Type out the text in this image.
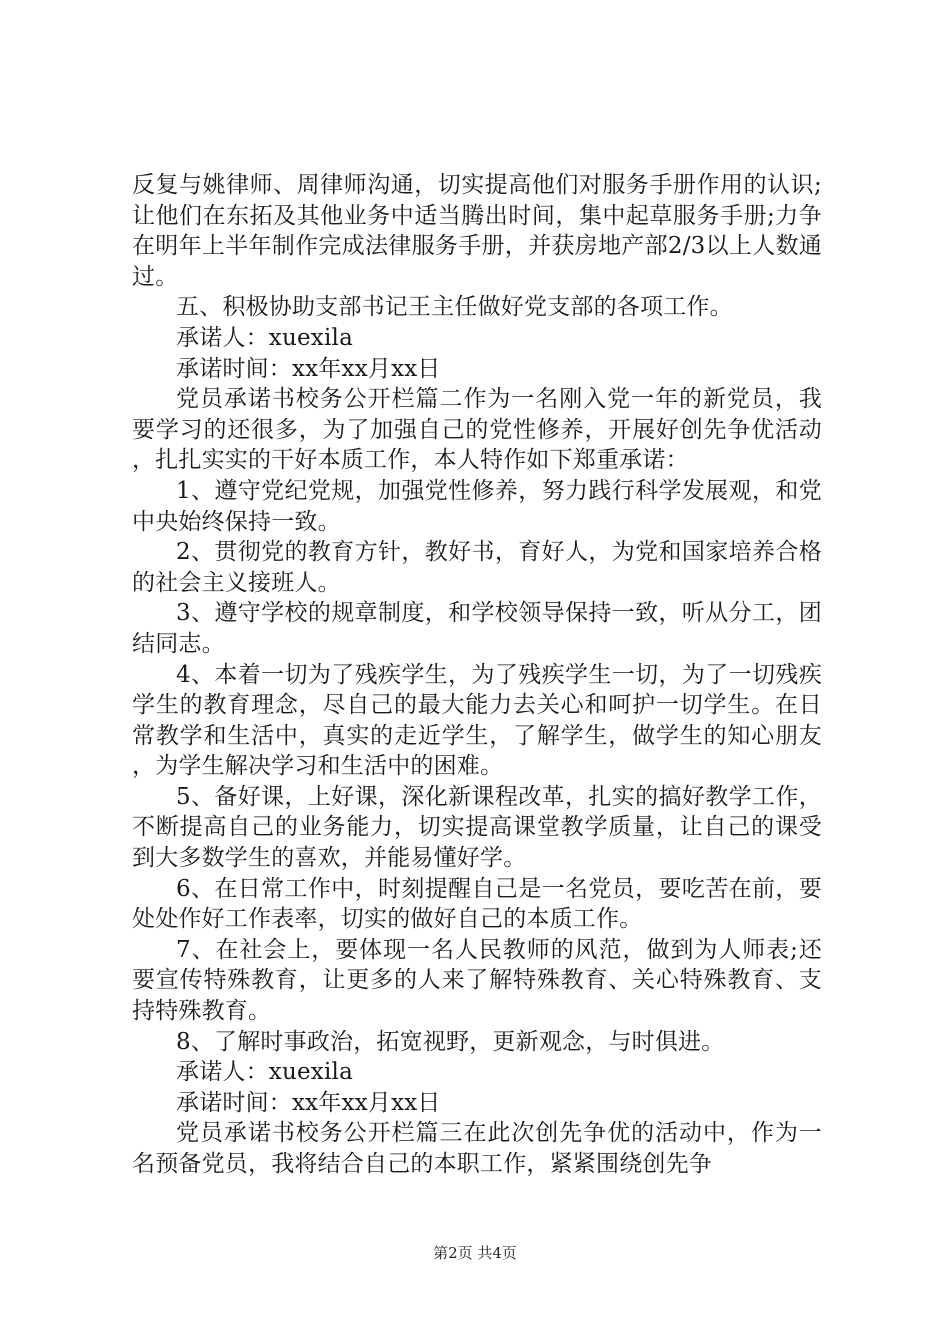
反复与姚律师、周律师沟通，切实提高他们对服务手册作用的认识;让他们在东拓及其他业务中适当腾出时间，集中起草服务手册;力争在明年上半年制作完成法律服务手册，并获房地产部2/3以上人数通过。

五、积极协助支部书记王主任做好党支部的各项工作。

承诺人：xuexila

承诺时间：xx年xx月xx日

党员承诺书校务公开栏篇二作为一名刚入党一年的新党员，我要学习的还很多，为了加强自己的党性修养，开展好创先争优活动，扎扎实实的干好本质工作，本人特作如下郑重承诺：

1、遵守党纪党规，加强党性修养，努力践行科学发展观，和党中央始终保持一致。

2、贯彻党的教育方针，教好书，育好人，为党和国家培养合格的社会主义接班人。

3、遵守学校的规章制度，和学校领导保持一致，听从分工，团结同志。

4、本着一切为了残疾学生，为了残疾学生一切，为了一切残疾学生的教育理念，尽自己的最大能力去关心和呵护一切学生。在日常教学和生活中，真实的走近学生，了解学生，做学生的知心朋友，为学生解决学习和生活中的困难。

5、备好课，上好课，深化新课程改革，扎实的搞好教学工作，不断提高自己的业务能力，切实提高课堂教学质量，让自己的课受到大多数学生的喜欢，并能易懂好学。

6、在日常工作中，时刻提醒自己是一名党员，要吃苦在前，要处处作好工作表率，切实的做好自己的本质工作。

7、在社会上，要体现一名人民教师的风范，做到为人师表;还要宣传特殊教育，让更多的人来了解特殊教育、关心特殊教育、支持特殊教育。

8、了解时事政治，拓宽视野，更新观念，与时俱进。

承诺人：xuexila

承诺时间：xx年xx月xx日

党员承诺书校务公开栏篇三在此次创先争优的活动中，作为一名预备党员，我将结合自己的本职工作，紧紧围绕创先争

第2页 共4页
